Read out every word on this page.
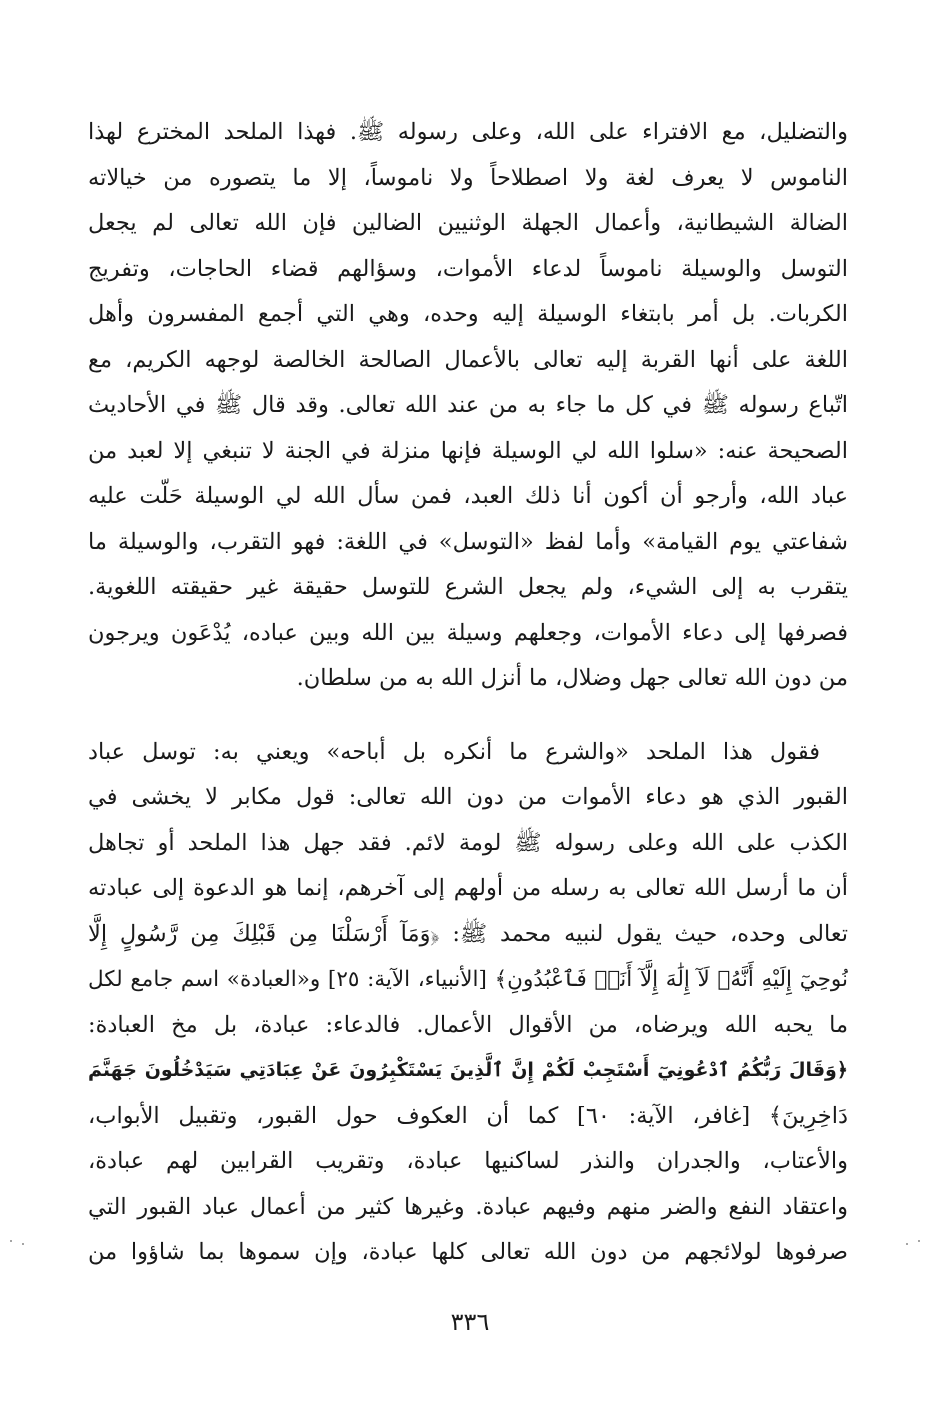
والتضليل، مع الافتراء على الله، وعلى رسوله ﷺ. فهذا الملحد المخترع لهذا
الناموس لا يعرف لغة ولا اصطلاحاً ولا ناموساً، إلا ما يتصوره من خيالاته
الضالة الشيطانية، وأعمال الجهلة الوثنيين الضالين فإن الله تعالى لم يجعل
التوسل والوسيلة ناموساً لدعاء الأموات، وسؤالهم قضاء الحاجات، وتفريج
الكربات. بل أمر بابتغاء الوسيلة إليه وحده، وهي التي أجمع المفسرون وأهل
اللغة على أنها القربة إليه تعالى بالأعمال الصالحة الخالصة لوجهه الكريم، مع
اتّباع رسوله ﷺ في كل ما جاء به من عند الله تعالى. وقد قال ﷺ في الأحاديث
الصحيحة عنه: «سلوا الله لي الوسيلة فإنها منزلة في الجنة لا تنبغي إلا لعبد من
عباد الله، وأرجو أن أكون أنا ذلك العبد، فمن سأل الله لي الوسيلة حَلّت عليه
شفاعتي يوم القيامة» وأما لفظ «التوسل» في اللغة: فهو التقرب، والوسيلة ما
يتقرب به إلى الشيء، ولم يجعل الشرع للتوسل حقيقة غير حقيقته اللغوية.
فصرفها إلى دعاء الأموات، وجعلهم وسيلة بين الله وبين عباده، يُدْعَون ويرجون
من دون الله تعالى جهل وضلال، ما أنزل الله به من سلطان.
فقول هذا الملحد «والشرع ما أنكره بل أباحه» ويعني به: توسل عباد
القبور الذي هو دعاء الأموات من دون الله تعالى: قول مكابر لا يخشى في
الكذب على الله وعلى رسوله ﷺ لومة لائم. فقد جهل هذا الملحد أو تجاهل
أن ما أرسل الله تعالى به رسله من أولهم إلى آخرهم، إنما هو الدعوة إلى عبادته
تعالى وحده، حيث يقول لنبيه محمد ﷺ: ﴿وَمَآ أَرْسَلْنَا مِن قَبْلِكَ مِن رَّسُولٍ إِلَّا
نُوحِيٓ إِلَيْهِ أَنَّهُۥ لَآ إِلَٰهَ إِلَّآ أَنَا۠ فَٱعْبُدُونِ﴾ [الأنبياء، الآية: ٢٥] و«العبادة» اسم جامع لكل
ما يحبه الله ويرضاه، من الأقوال الأعمال. فالدعاء: عبادة، بل مخ العبادة:
﴿وَقَالَ رَبُّكُمُ ٱدْعُونِيٓ أَسْتَجِبْ لَكُمْ إِنَّ ٱلَّذِينَ يَسْتَكْبِرُونَ عَنْ عِبَادَتِي سَيَدْخُلُونَ جَهَنَّمَ
دَاخِرِينَ﴾ [غافر، الآية: ٦٠] كما أن العكوف حول القبور، وتقبيل الأبواب،
والأعتاب، والجدران والنذر لساكنيها عبادة، وتقريب القرابين لهم عبادة،
واعتقاد النفع والضر منهم وفيهم عبادة. وغيرها كثير من أعمال عباد القبور التي
صرفوها لولائجهم من دون الله تعالى كلها عبادة، وإن سموها بما شاؤوا من
٣٣٦
